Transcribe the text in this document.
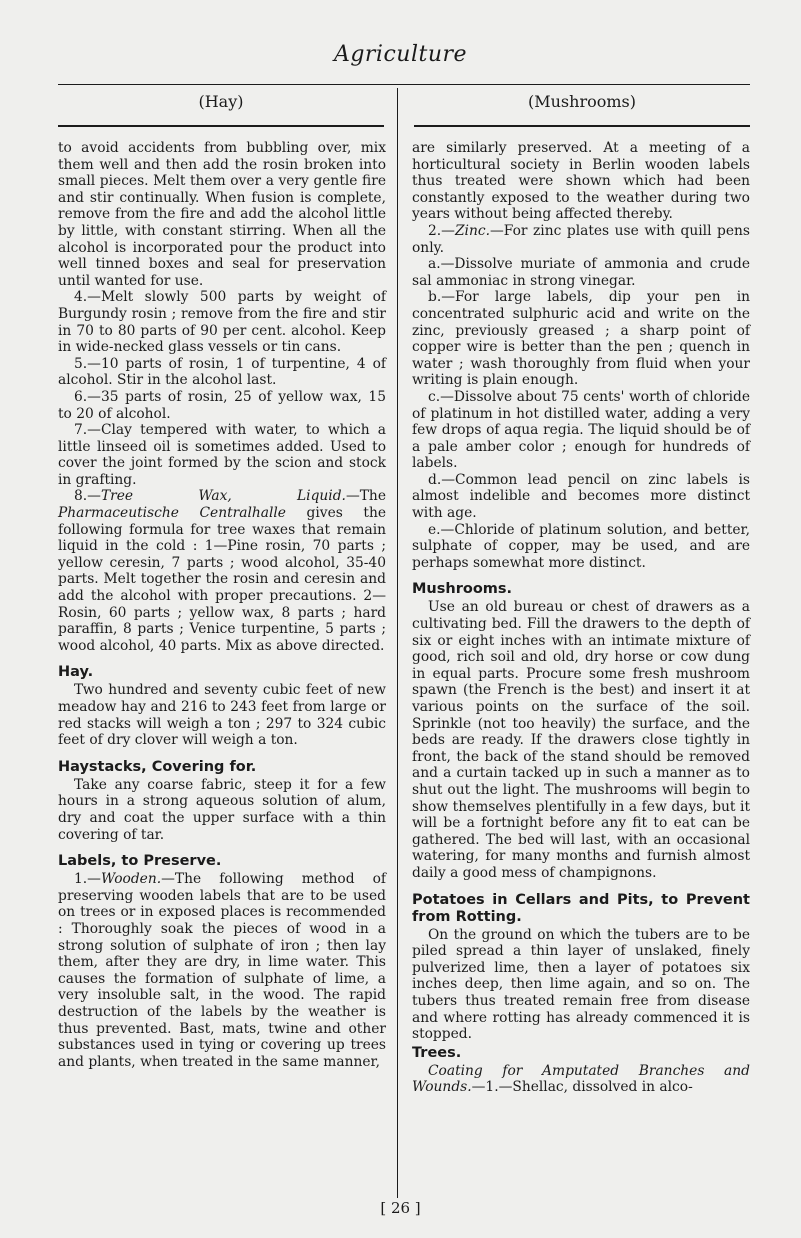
Agriculture
(Hay)	(Mushrooms)

to avoid accidents from bubbling over, mix them well and then add the rosin broken into small pieces. Melt them over a very gentle fire and stir continually. When fusion is complete, remove from the fire and add the alcohol little by little, with constant stirring. When all the alcohol is incorporated pour the product into well tinned boxes and seal for preservation until wanted for use.

4.—Melt slowly 500 parts by weight of Burgundy rosin ; remove from the fire and stir in 70 to 80 parts of 90 per cent. alcohol. Keep in wide-necked glass vessels or tin cans.

5.—10 parts of rosin, 1 of turpentine, 4 of alcohol. Stir in the alcohol last.

6.—35 parts of rosin, 25 of yellow wax, 15 to 20 of alcohol.

7.—Clay tempered with water, to which a little linseed oil is sometimes added. Used to cover the joint formed by the scion and stock in grafting.

8.—Tree Wax, Liquid.—The Pharmaceutische Centralhalle gives the following formula for tree waxes that remain liquid in the cold : 1—Pine rosin, 70 parts ; yellow ceresin, 7 parts ; wood alcohol, 35-40 parts. Melt together the rosin and ceresin and add the alcohol with proper precautions. 2—Rosin, 60 parts ; yellow wax, 8 parts ; hard paraffin, 8 parts ; Venice turpentine, 5 parts ; wood alcohol, 40 parts. Mix as above directed.

Hay.

Two hundred and seventy cubic feet of new meadow hay and 216 to 243 feet from large or red stacks will weigh a ton ; 297 to 324 cubic feet of dry clover will weigh a ton.

Haystacks, Covering for.

Take any coarse fabric, steep it for a few hours in a strong aqueous solution of alum, dry and coat the upper surface with a thin covering of tar.

Labels, to Preserve.

1.—Wooden.—The following method of preserving wooden labels that are to be used on trees or in exposed places is recommended : Thoroughly soak the pieces of wood in a strong solution of sulphate of iron ; then lay them, after they are dry, in lime water. This causes the formation of sulphate of lime, a very insoluble salt, in the wood. The rapid destruction of the labels by the weather is thus prevented. Bast, mats, twine and other substances used in tying or covering up trees and plants, when treated in the same manner,

are similarly preserved. At a meeting of a horticultural society in Berlin wooden labels thus treated were shown which had been constantly exposed to the weather during two years without being affected thereby.

2.—Zinc.—For zinc plates use with quill pens only.

a.—Dissolve muriate of ammonia and crude sal ammoniac in strong vinegar.

b.—For large labels, dip your pen in concentrated sulphuric acid and write on the zinc, previously greased ; a sharp point of copper wire is better than the pen ; quench in water ; wash thoroughly from fluid when your writing is plain enough.

c.—Dissolve about 75 cents' worth of chloride of platinum in hot distilled water, adding a very few drops of aqua regia. The liquid should be of a pale amber color ; enough for hundreds of labels.

d.—Common lead pencil on zinc labels is almost indelible and becomes more distinct with age.

e.—Chloride of platinum solution, and better, sulphate of copper, may be used, and are perhaps somewhat more distinct.

Mushrooms.

Use an old bureau or chest of drawers as a cultivating bed. Fill the drawers to the depth of six or eight inches with an intimate mixture of good, rich soil and old, dry horse or cow dung in equal parts. Procure some fresh mushroom spawn (the French is the best) and insert it at various points on the surface of the soil. Sprinkle (not too heavily) the surface, and the beds are ready. If the drawers close tightly in front, the back of the stand should be removed and a curtain tacked up in such a manner as to shut out the light. The mushrooms will begin to show themselves plentifully in a few days, but it will be a fortnight before any fit to eat can be gathered. The bed will last, with an occasional watering, for many months and furnish almost daily a good mess of champignons.

Potatoes in Cellars and Pits, to Prevent from Rotting.

On the ground on which the tubers are to be piled spread a thin layer of unslaked, finely pulverized lime, then a layer of potatoes six inches deep, then lime again, and so on. The tubers thus treated remain free from disease and where rotting has already commenced it is stopped.

Trees.

Coating for Amputated Branches and Wounds.—1.—Shellac, dissolved in alco-

[ 26 ]
